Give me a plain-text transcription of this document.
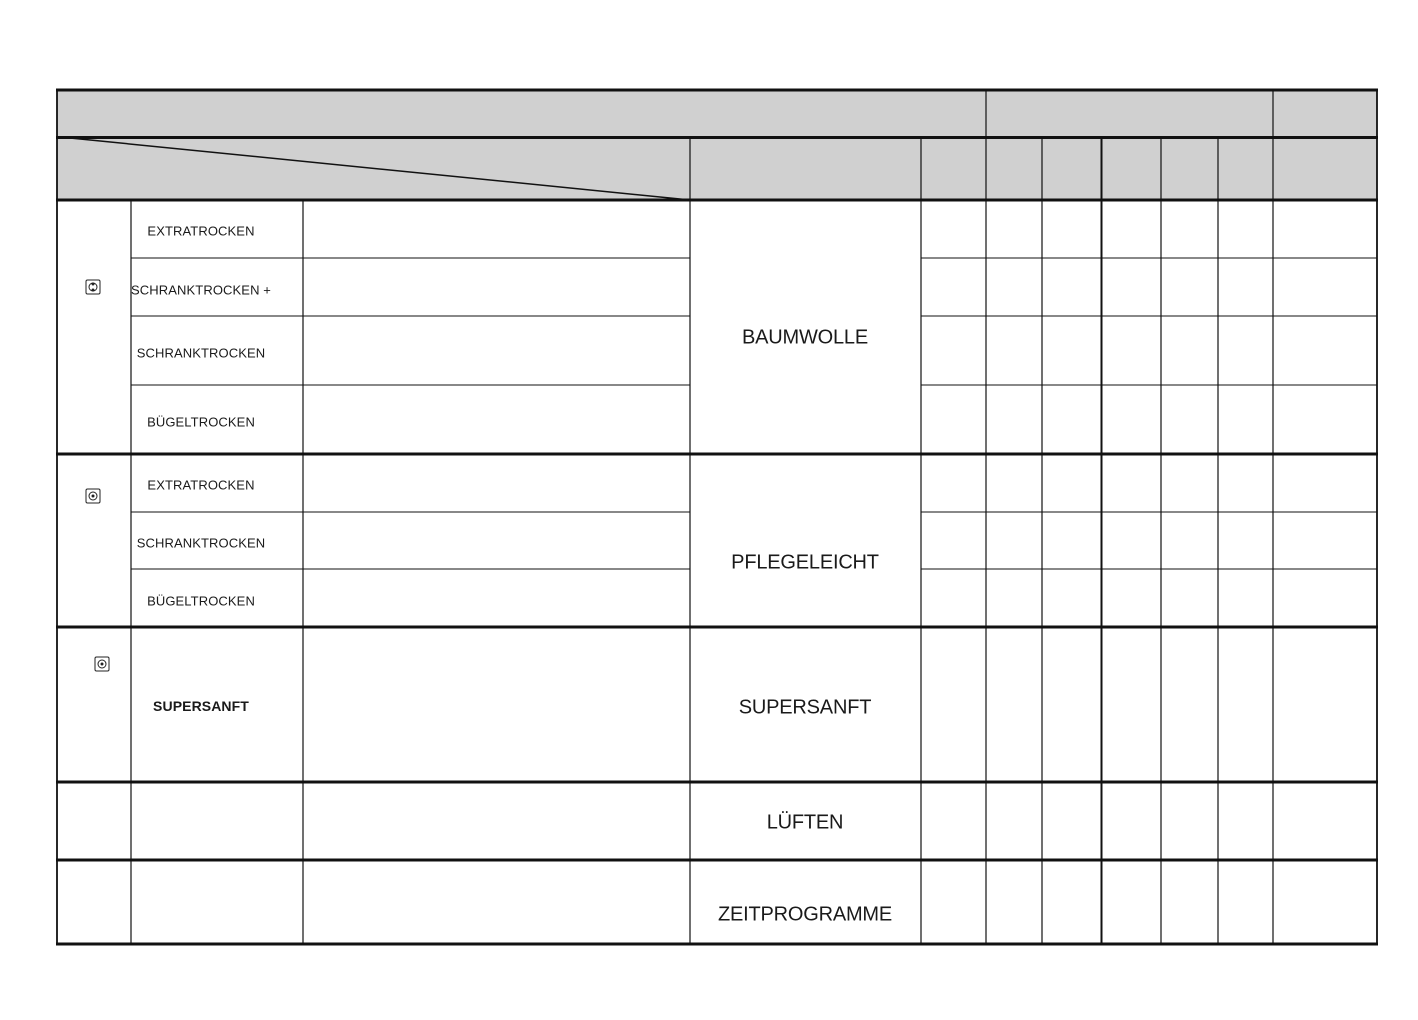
EXTRATROCKEN
SCHRANKTROCKEN +
SCHRANKTROCKEN
BÜGELTROCKEN
EXTRATROCKEN
SCHRANKTROCKEN
BÜGELTROCKEN
SUPERSANFT
BAUMWOLLE
PFLEGELEICHT
SUPERSANFT
LÜFTEN
ZEITPROGRAMME
